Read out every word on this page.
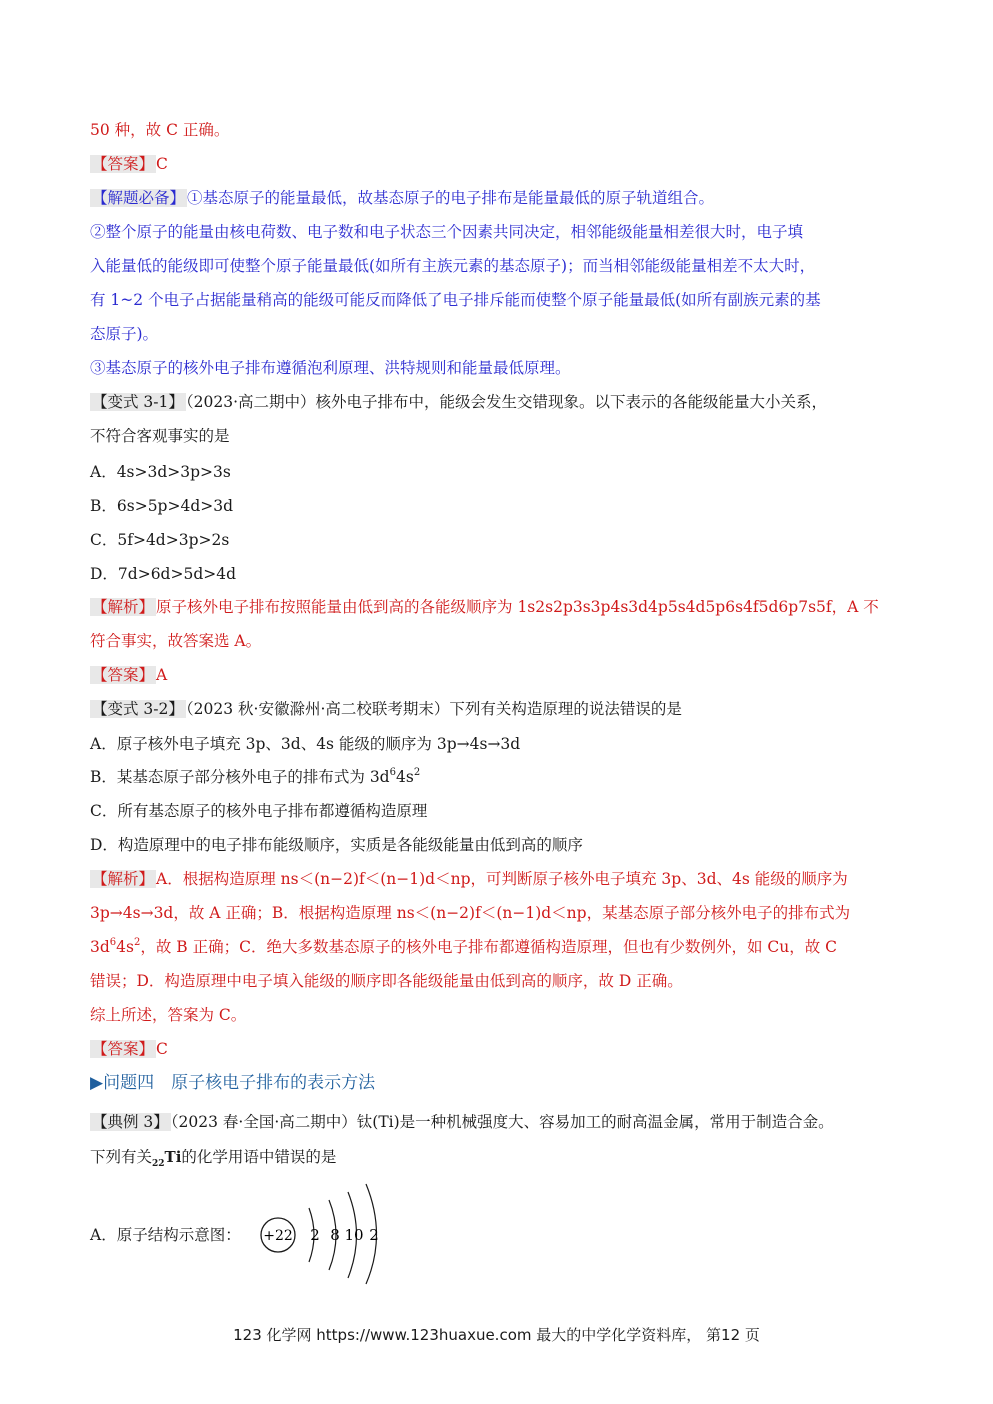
50 种，故 C 正确。
【答案】 C
【解题必备】 ①基态原子的能量最低，故基态原子的电子排布是能量最低的原子轨道组合。
②整个原子的能量由核电荷数、电子数和电子状态三个因素共同决定，相邻能级能量相差很大时，电子填
入能量低的能级即可使整个原子能量最低(如所有主族元素的基态原子)；而当相邻能级能量相差不太大时，
有 1~2 个电子占据能量稍高的能级可能反而降低了电子排斥能而使整个原子能量最低(如所有副族元素的基
态原子)。
③基态原子的核外电子排布遵循泡利原理、洪特规则和能量最低原理。
【变式 3-1】 （2023·高二期中）核外电子排布中，能级会发生交错现象。以下表示的各能级能量大小关系，
不符合客观事实的是
A．4s>3d>3p>3s
B．6s>5p>4d>3d
C．5f>4d>3p>2s
D．7d>6d>5d>4d
【解析】 原子核外电子排布按照能量由低到高的各能级顺序为 1s2s2p3s3p4s3d4p5s4d5p6s4f5d6p7s5f，A 不
符合事实，故答案选 A。
【答案】 A
【变式 3-2】 （2023 秋·安徽滁州·高二校联考期末）下列有关构造原理的说法错误的是
A．原子核外电子填充 3p、3d、4s 能级的顺序为 3p→4s→3d
B．某基态原子部分核外电子的排布式为 $3d^64s^2$
C．所有基态原子的核外电子排布都遵循构造原理
D．构造原理中的电子排布能级顺序，实质是各能级能量由低到高的顺序
【解析】 A．根据构造原理 ns＜(n−2)f＜(n−1)d＜np，可判断原子核外电子填充 3p、3d、4s 能级的顺序为
3p→4s→3d，故 A 正确；B．根据构造原理 ns＜(n−2)f＜(n−1)d＜np，某基态原子部分核外电子的排布式为
$3d^64s^2$，故 B 正确；C．绝大多数基态原子的核外电子排布都遵循构造原理，但也有少数例外，如 Cu，故 C
错误；D．构造原理中电子填入能级的顺序即各能级能量由低到高的顺序，故 D 正确。
综上所述，答案为 C。
【答案】 C
▶问题四　原子核电子排布的表示方法
【典例 3】 （2023 春·全国·高二期中）钛(Ti)是一种机械强度大、容易加工的耐高温金属，常用于制造合金。
下列有关$_{22}$Ti的化学用语中错误的是
A．原子结构示意图： +22 2 8 10 2
123 化学网 https://www.123huaxue.com 最大的中学化学资料库， 第12 页
